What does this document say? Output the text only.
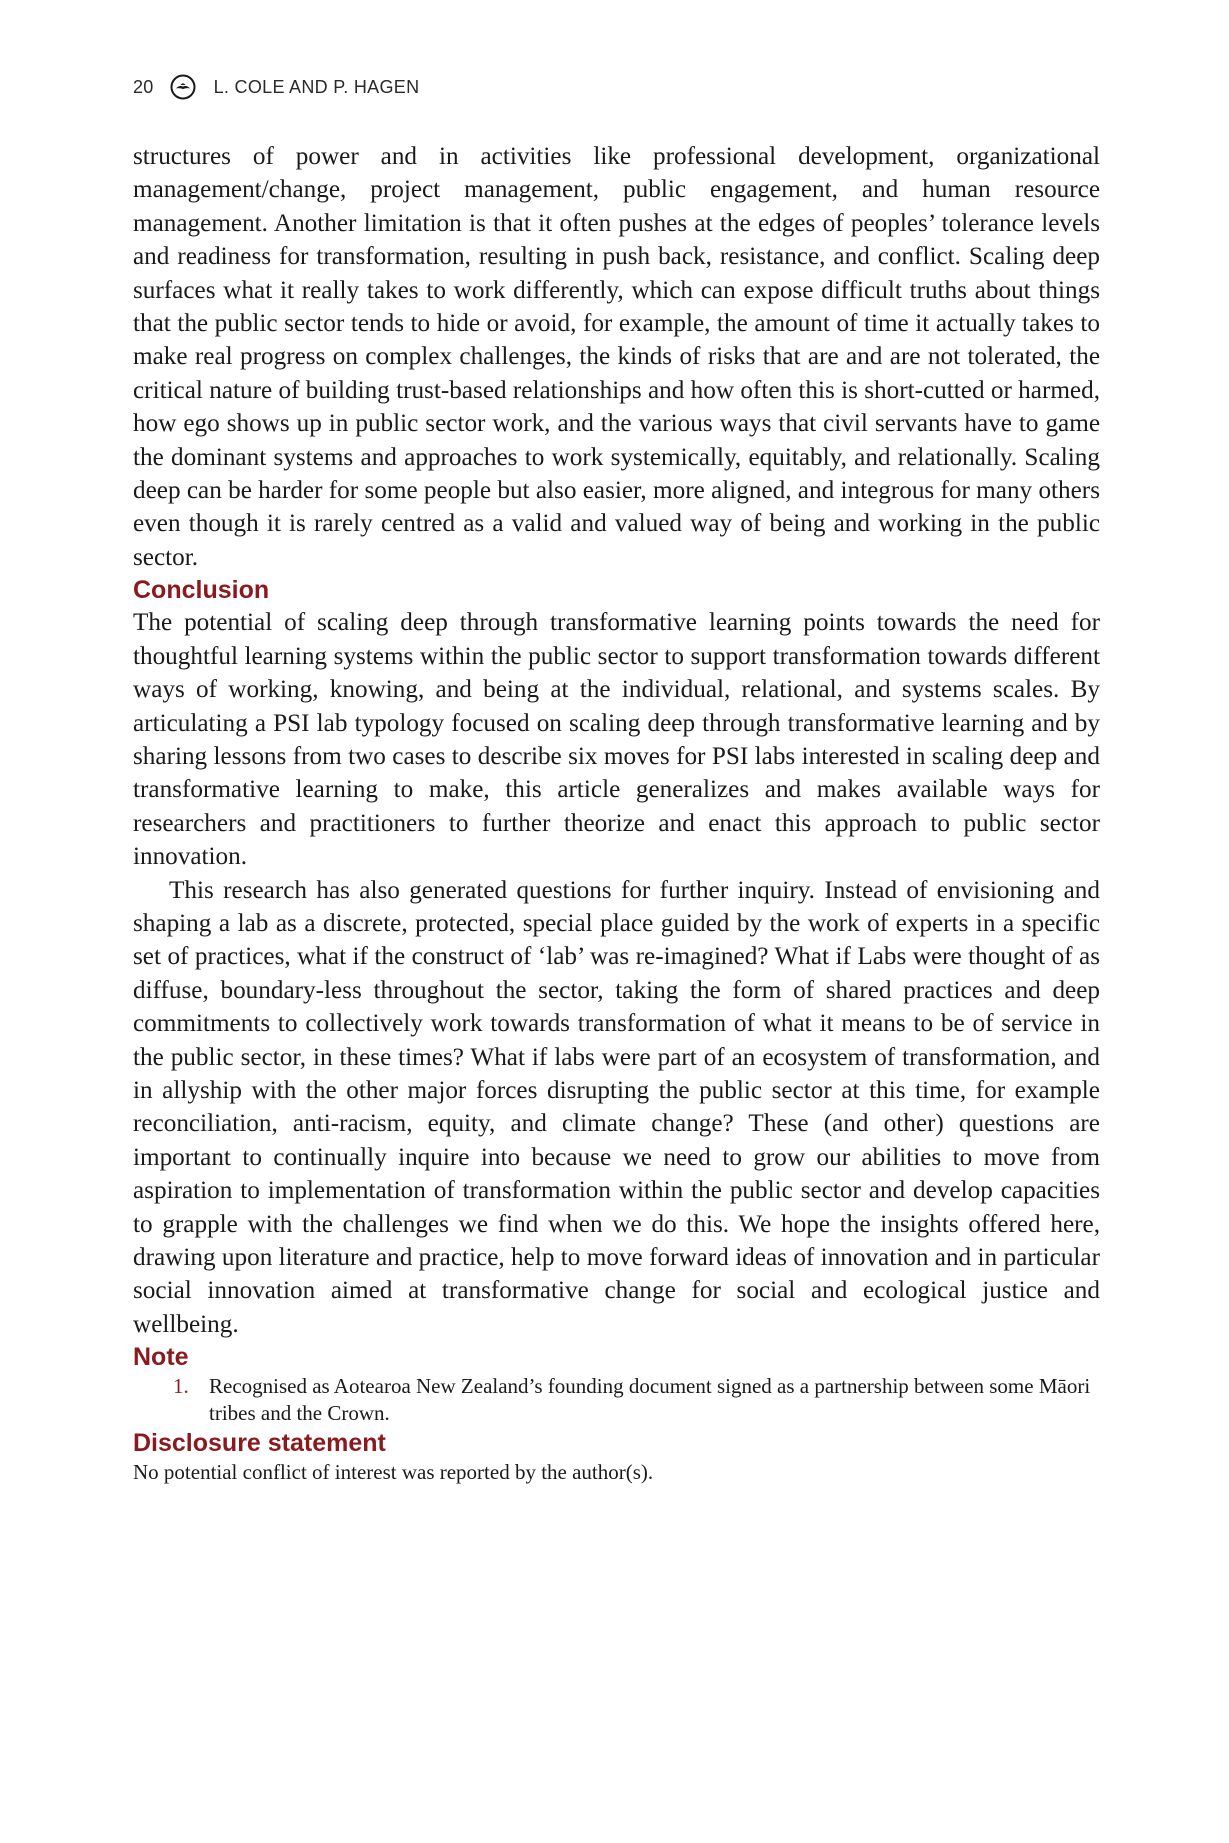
20	L. COLE AND P. HAGEN

structures of power and in activities like professional development, organizational management/change, project management, public engagement, and human resource management. Another limitation is that it often pushes at the edges of peoples’ tolerance levels and readiness for transformation, resulting in push back, resistance, and conflict. Scaling deep surfaces what it really takes to work differently, which can expose difficult truths about things that the public sector tends to hide or avoid, for example, the amount of time it actually takes to make real progress on complex challenges, the kinds of risks that are and are not tolerated, the critical nature of building trust-based relationships and how often this is short-cutted or harmed, how ego shows up in public sector work, and the various ways that civil servants have to game the dominant systems and approaches to work systemically, equitably, and relationally. Scaling deep can be harder for some people but also easier, more aligned, and integrous for many others even though it is rarely centred as a valid and valued way of being and working in the public sector.

Conclusion

The potential of scaling deep through transformative learning points towards the need for thoughtful learning systems within the public sector to support transformation towards different ways of working, knowing, and being at the individual, relational, and systems scales. By articulating a PSI lab typology focused on scaling deep through transformative learning and by sharing lessons from two cases to describe six moves for PSI labs interested in scaling deep and transformative learning to make, this article generalizes and makes available ways for researchers and practitioners to further theorize and enact this approach to public sector innovation.

This research has also generated questions for further inquiry. Instead of envisioning and shaping a lab as a discrete, protected, special place guided by the work of experts in a specific set of practices, what if the construct of ‘lab’ was re-imagined? What if Labs were thought of as diffuse, boundary-less throughout the sector, taking the form of shared practices and deep commitments to collectively work towards transformation of what it means to be of service in the public sector, in these times? What if labs were part of an ecosystem of transformation, and in allyship with the other major forces disrupting the public sector at this time, for example reconciliation, anti-racism, equity, and climate change? These (and other) questions are important to continually inquire into because we need to grow our abilities to move from aspiration to implementation of transformation within the public sector and develop capacities to grapple with the challenges we find when we do this. We hope the insights offered here, drawing upon literature and practice, help to move forward ideas of innovation and in particular social innovation aimed at transformative change for social and ecological justice and wellbeing.

Note
1. Recognised as Aotearoa New Zealand’s founding document signed as a partnership between some Māori tribes and the Crown.
Disclosure statement

No potential conflict of interest was reported by the author(s).
